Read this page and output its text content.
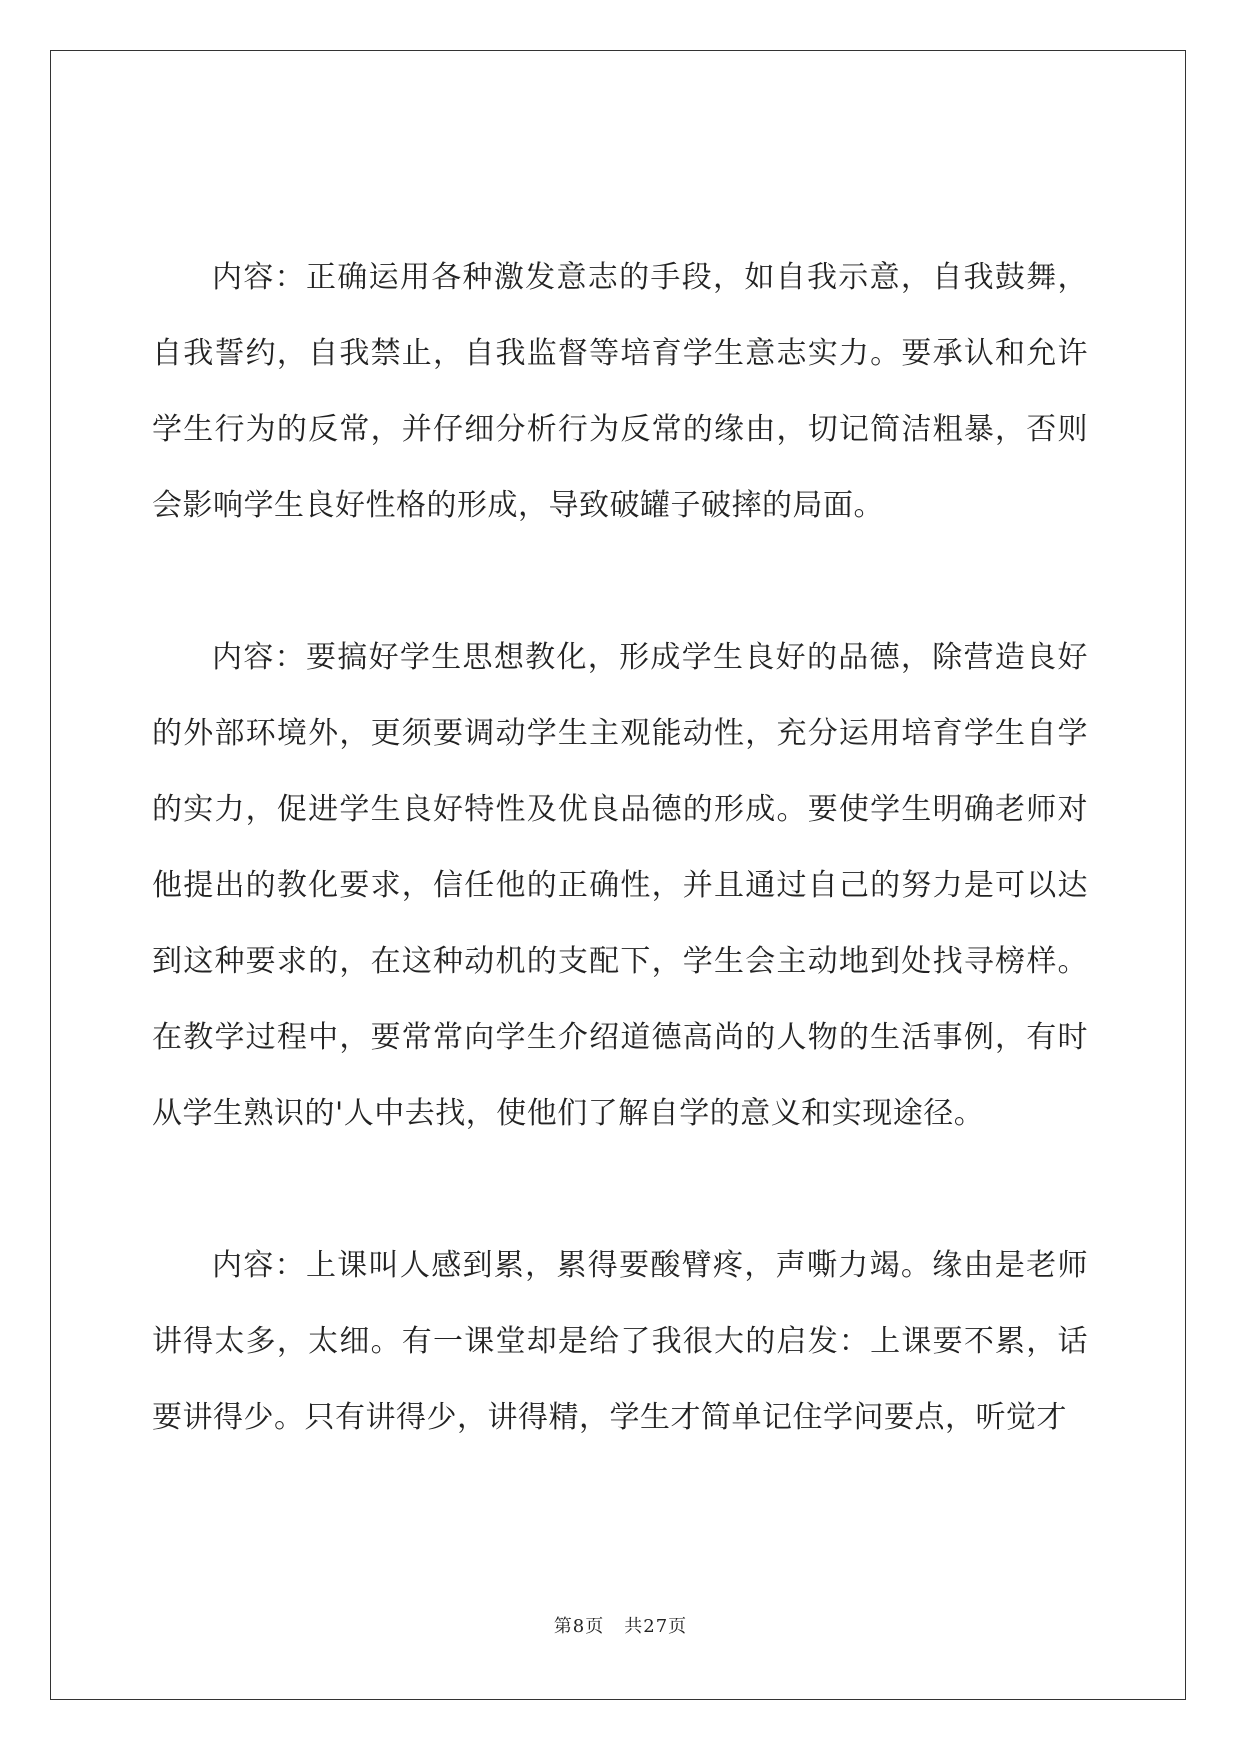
内容：正确运用各种激发意志的手段，如自我示意，自我鼓舞，自我誓约，自我禁止，自我监督等培育学生意志实力。要承认和允许学生行为的反常，并仔细分析行为反常的缘由，切记简洁粗暴，否则会影响学生良好性格的形成，导致破罐子破摔的局面。

内容：要搞好学生思想教化，形成学生良好的品德，除营造良好的外部环境外，更须要调动学生主观能动性，充分运用培育学生自学的实力，促进学生良好特性及优良品德的形成。要使学生明确老师对他提出的教化要求，信任他的正确性，并且通过自己的努力是可以达到这种要求的，在这种动机的支配下，学生会主动地到处找寻榜样。在教学过程中，要常常向学生介绍道德高尚的人物的生活事例，有时从学生熟识的'人中去找，使他们了解自学的意义和实现途径。

内容：上课叫人感到累，累得要酸臂疼，声嘶力竭。缘由是老师讲得太多，太细。有一课堂却是给了我很大的启发：上课要不累，话要讲得少。只有讲得少，讲得精，学生才简单记住学问要点，听觉才

第8页 共27页
